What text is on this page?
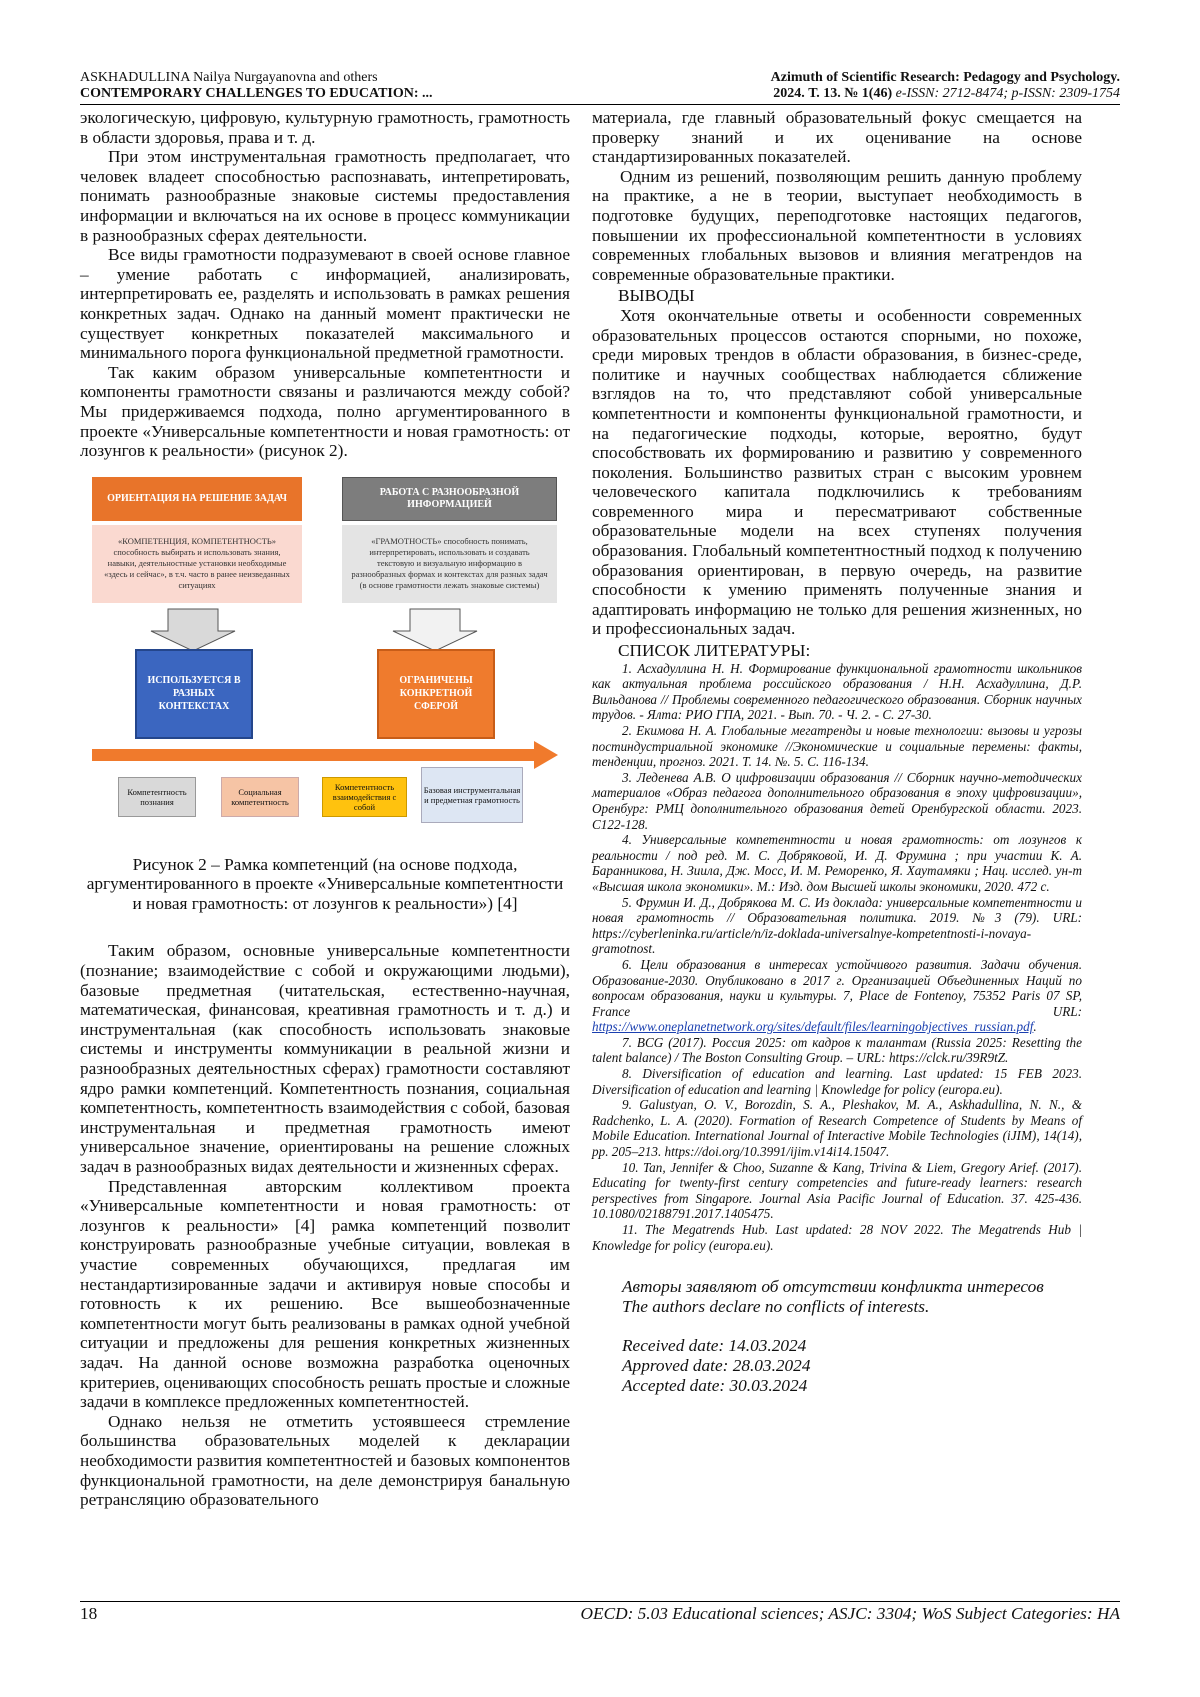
ASKHADULLINA Nailya Nurgayanovna and others
CONTEMPORARY CHALLENGES TO EDUCATION: ...
Azimuth of Scientific Research: Pedagogy and Psychology.
2024. Т. 13. № 1(46) e-ISSN: 2712-8474; p-ISSN: 2309-1754

экологическую, цифровую, культурную грамотность, грамотность в области здоровья, права и т. д.

При этом инструментальная грамотность предполагает, что человек владеет способностью распознавать, интепретировать, понимать разнообразные знаковые системы предоставления информации и включаться на их основе в процесс коммуникации в разнообразных сферах деятельности.

Все виды грамотности подразумевают в своей основе главное – умение работать с информацией, анализировать, интерпретировать ее, разделять и использовать в рамках решения конкретных задач. Однако на данный момент практически не существует конкретных показателей максимального и минимального порога функциональной предметной грамотности.

Так каким образом универсальные компетентности и компоненты грамотности связаны и различаются между собой? Мы придерживаемся подхода, полно аргументированного в проекте «Универсальные компетентности и новая грамотность: от лозунгов к реальности» (рисунок 2).

ОРИЕНТАЦИЯ НА РЕШЕНИЕ ЗАДАЧ
РАБОТА С РАЗНООБРАЗНОЙ ИНФОРМАЦИЕЙ
«КОМПЕТЕНЦИЯ, КОМПЕТЕНТНОСТЬ» способность выбирать и использовать знания, навыки, деятельностные установки необходимые «здесь и сейчас», в т.ч. часто в ранее неизведанных ситуациях
«ГРАМОТНОСТЬ» способность понимать, интерпретировать, использовать и создавать текстовую и визуальную информацию в разнообразных формах и контекстах для разных задач (в основе грамотности лежать знаковые системы)
ИСПОЛЬЗУЕТСЯ В РАЗНЫХ КОНТЕКСТАХ
ОГРАНИЧЕНЫ КОНКРЕТНОЙ СФЕРОЙ
Компетентность познания
Социальная компетентность
Компетентность взаимодействия с собой
Базовая инструментальная и предметная грамотность
Рисунок 2 – Рамка компетенций (на основе подхода, аргументированного в проекте «Универсальные компетентности и новая грамотность: от лозунгов к реальности») [4]

Таким образом, основные универсальные компетентности (познание; взаимодействие с собой и окружающими людьми), базовые предметная (читательская, естественно-научная, математическая, финансовая, креативная грамотность и т. д.) и инструментальная (как способность использовать знаковые системы и инструменты коммуникации в реальной жизни и разнообразных деятельностных сферах) грамотности составляют ядро рамки компетенций. Компетентность познания, социальная компетентность, компетентность взаимодействия с собой, базовая инструментальная и предметная грамотность имеют универсальное значение, ориентированы на решение сложных задач в разнообразных видах деятельности и жизненных сферах.

Представленная авторским коллективом проекта «Универсальные компетентности и новая грамотность: от лозунгов к реальности» [4] рамка компетенций позволит конструировать разнообразные учебные ситуации, вовлекая в участие современных обучающихся, предлагая им нестандартизированные задачи и активируя новые способы и готовность к их решению. Все вышеобозначенные компетентности могут быть реализованы в рамках одной учебной ситуации и предложены для решения конкретных жизненных задач. На данной основе возможна разработка оценочных критериев, оценивающих способность решать простые и сложные задачи в комплексе предложенных компетентностей.

Однако нельзя не отметить устоявшееся стремление большинства образовательных моделей к декларации необходимости развития компетентностей и базовых компонентов функциональной грамотности, на деле демонстрируя банальную ретрансляцию образовательного

материала, где главный образовательный фокус смещается на проверку знаний и их оценивание на основе стандартизированных показателей.

Одним из решений, позволяющим решить данную проблему на практике, а не в теории, выступает необходимость в подготовке будущих, переподготовке настоящих педагогов, повышении их профессиональной компетентности в условиях современных глобальных вызовов и влияния мегатрендов на современные образовательные практики.

ВЫВОДЫ

Хотя окончательные ответы и особенности современных образовательных процессов остаются спорными, но похоже, среди мировых трендов в области образования, в бизнес-среде, политике и научных сообществах наблюдается сближение взглядов на то, что представляют собой универсальные компетентности и компоненты функциональной грамотности, и на педагогические подходы, которые, вероятно, будут способствовать их формированию и развитию у современного поколения. Большинство развитых стран с высоким уровнем человеческого капитала подключились к требованиям современного мира и пересматривают собственные образовательные модели на всех ступенях получения образования. Глобальный компетентностный подход к получению образования ориентирован, в первую очередь, на развитие способности к умению применять полученные знания и адаптировать информацию не только для решения жизненных, но и профессиональных задач.

СПИСОК ЛИТЕРАТУРЫ:

1. Асхадуллина Н. Н. Формирование функциональной грамотности школьников как актуальная проблема российского образования / Н.Н. Асхадуллина, Д.Р. Вильданова // Проблемы современного педагогического образования. Сборник научных трудов. - Ялта: РИО ГПА, 2021. - Вып. 70. - Ч. 2. - С. 27-30.

2. Екимова Н. А. Глобальные мегатренды и новые технологии: вызовы и угрозы постиндустриальной экономике //Экономические и социальные перемены: факты, тенденции, прогноз. 2021. Т. 14. №. 5. С. 116-134.

3. Леденева А.В. О цифровизации образования // Сборник научно-методических материалов «Образ педагога дополнительного образования в эпоху цифровизации», Оренбург: РМЦ дополнительного образования детей Оренбургской области. 2023. С122-128.

4. Универсальные компетентности и новая грамотность: от лозунгов к реальности / под ред. М. С. Добряковой, И. Д. Фрумина ; при участии К. А. Баранникова, Н. Зиила, Дж. Мосс, И. М. Реморенко, Я. Хаутамяки ; Нац. исслед. ун-т «Высшая школа экономики». М.: Изд. дом Высшей школы экономики, 2020. 472 с.

5. Фрумин И. Д., Добрякова М. С. Из доклада: универсальные компетентности и новая грамотность // Образовательная политика. 2019. №3 (79). URL: https://cyberleninka.ru/article/n/iz-doklada-universalnye-kompetentnosti-i-novaya-gramotnost.

6. Цели образования в интересах устойчивого развития. Задачи обучения. Образование-2030. Опубликовано в 2017 г. Организацией Объединенных Наций по вопросам образования, науки и культуры. 7, Place de Fontenoy, 75352 Paris 07 SP, France URL: https://www.oneplanetnetwork.org/sites/default/files/learningobjectives_russian.pdf.

7. BCG (2017). Россия 2025: от кадров к талантам (Russia 2025: Resetting the talent balance) / The Boston Consulting Group. – URL: https://clck.ru/39R9tZ.

8. Diversification of education and learning. Last updated: 15 FEB 2023. Diversification of education and learning | Knowledge for policy (europa.eu).

9. Galustyan, O. V., Borozdin, S. A., Pleshakov, M. A., Askhadullina, N. N., & Radchenko, L. A. (2020). Formation of Research Competence of Students by Means of Mobile Education. International Journal of Interactive Mobile Technologies (iJIM), 14(14), pp. 205–213. https://doi.org/10.3991/ijim.v14i14.15047.

10. Tan, Jennifer & Choo, Suzanne & Kang, Trivina & Liem, Gregory Arief. (2017). Educating for twenty-first century competencies and future-ready learners: research perspectives from Singapore. Journal Asia Pacific Journal of Education. 37. 425-436. 10.1080/02188791.2017.1405475.

11. The Megatrends Hub. Last updated: 28 NOV 2022. The Megatrends Hub | Knowledge for policy (europa.eu).

Авторы заявляют об отсутствии конфликта интересов

The authors declare no conflicts of interests.

Received date: 14.03.2024

Approved date: 28.03.2024

Accepted date: 30.03.2024

18	OECD: 5.03 Educational sciences; ASJC: 3304; WoS Subject Categories: HA
